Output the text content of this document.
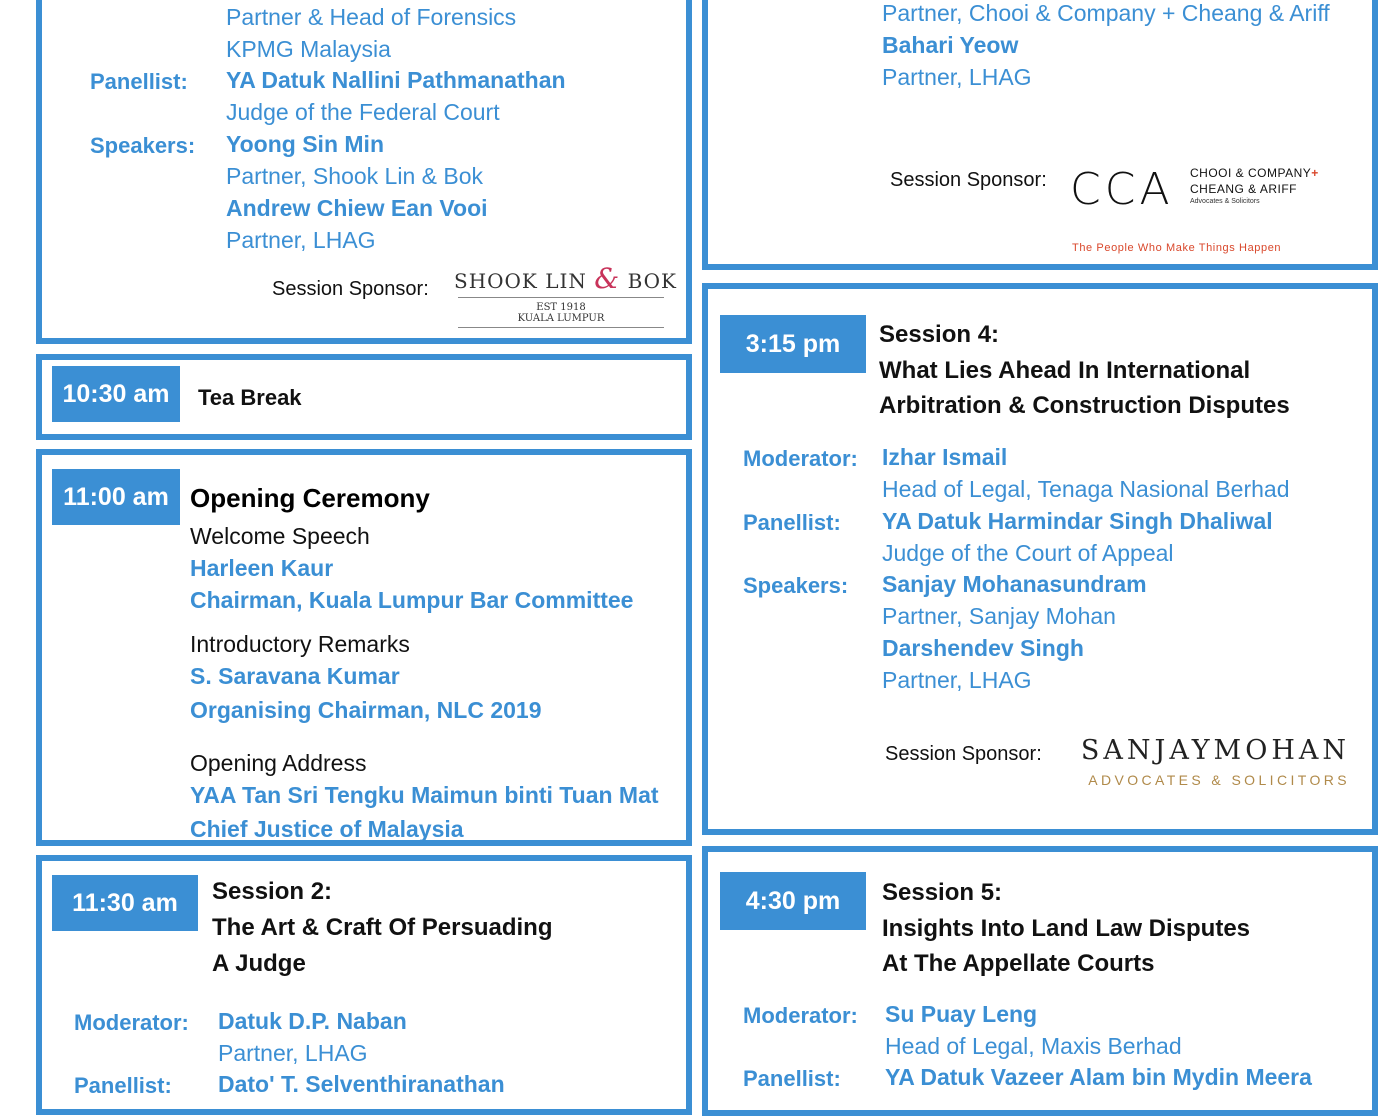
Partner & Head of Forensics
KPMG Malaysia
Panellist: YA Datuk Nallini Pathmanathan
Judge of the Federal Court
Speakers: Yoong Sin Min
Partner, Shook Lin & Bok
Andrew Chiew Ean Vooi
Partner, LHAG
Session Sponsor: SHOOK LIN & BOK
EST 1918
KUALA LUMPUR
10:30 am	Tea Break
11:00 am Opening Ceremony
Welcome Speech
Harleen Kaur
Chairman, Kuala Lumpur Bar Committee
Introductory Remarks
S. Saravana Kumar
Organising Chairman, NLC 2019
Opening Address
YAA Tan Sri Tengku Maimun binti Tuan Mat
Chief Justice of Malaysia
11:30 am	Session 2:
The Art & Craft Of Persuading
A Judge
Moderator: Datuk D.P. Naban
Partner, LHAG
Panellist: Dato' T. Selventhiranathan
Partner, Chooi & Company + Cheang & Ariff
Bahari Yeow
Partner, LHAG
Session Sponsor: CCA CHOOI & COMPANY+
CHEANG & ARIFF
Advocates & Solicitors
The People Who Make Things Happen
3:15 pm	Session 4:
What Lies Ahead In International
Arbitration & Construction Disputes
Moderator: Izhar Ismail
Head of Legal, Tenaga Nasional Berhad
Panellist: YA Datuk Harmindar Singh Dhaliwal
Judge of the Court of Appeal
Speakers: Sanjay Mohanasundram
Partner, Sanjay Mohan
Darshendev Singh
Partner, LHAG
Session Sponsor:	SANJAYMOHAN
ADVOCATES & SOLICITORS
4:30 pm	Session 5:
Insights Into Land Law Disputes
At The Appellate Courts
Moderator: Su Puay Leng
Head of Legal, Maxis Berhad
Panellist: YA Datuk Vazeer Alam bin Mydin Meera
